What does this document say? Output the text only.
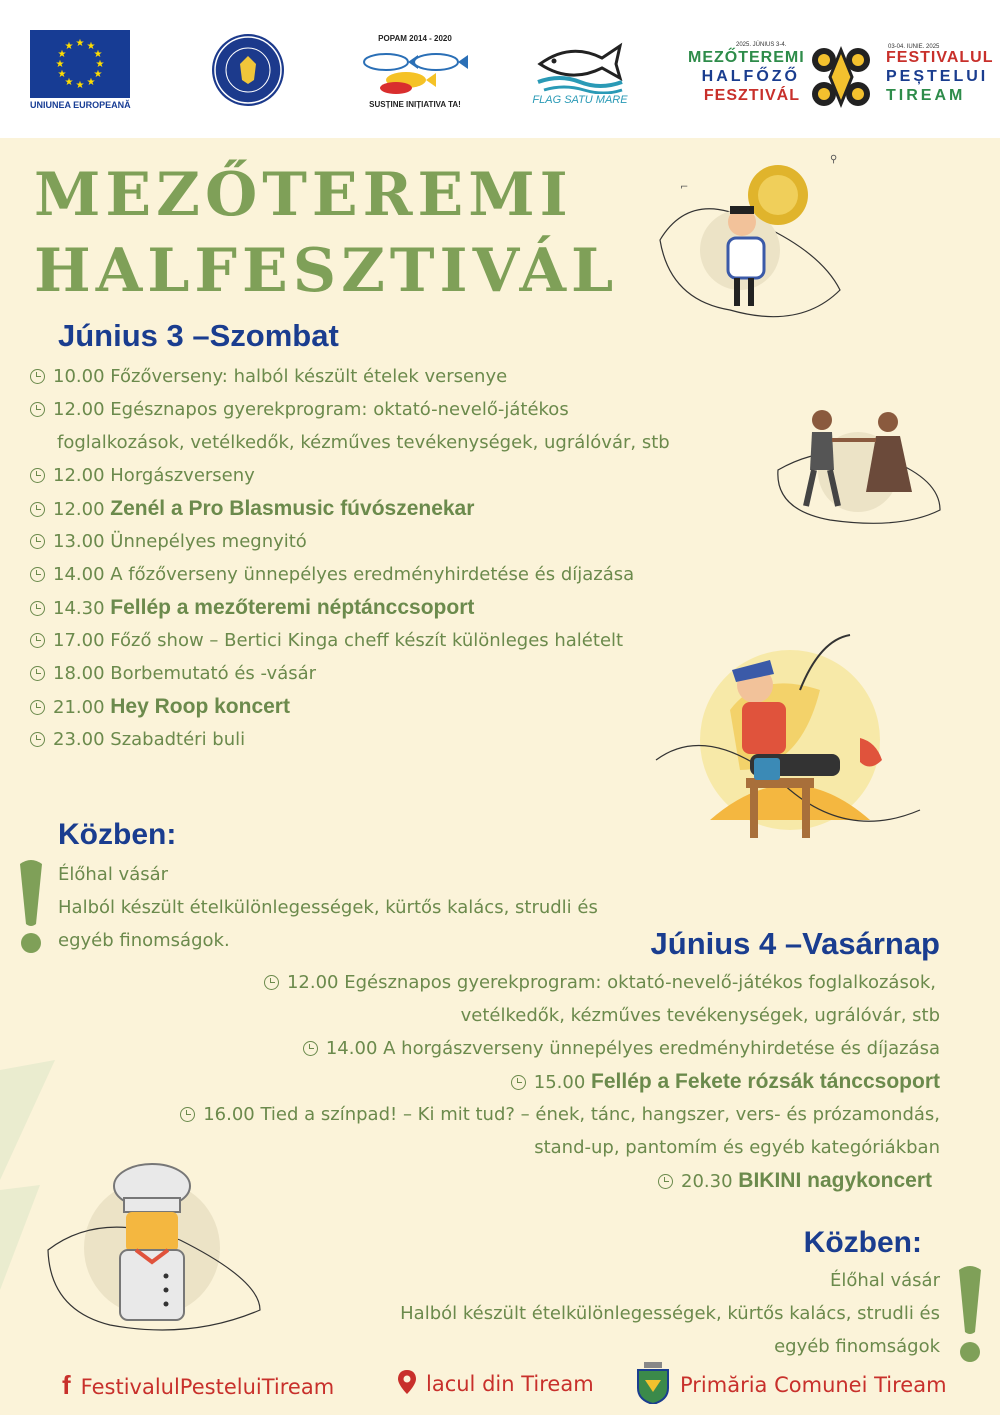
★ ★
★
★
★
★
★
★
★
★
★
★
UNIUNEA EUROPEANĂ
POPAM 2014 - 2020
SUSȚINE INIȚIATIVA TA!	FLAG SATU MARE
2025. JÚNIUS 3-4.	03-04. IUNIE. 2025
MEZŐTEREMI
HALFŐZŐ
FESZTIVÁL
FESTIVALUL
PEȘTELUI
TIREAM
MEZŐTEREMI
HALFESZTIVÁL
Június 3 –Szombat
10.00 Főzőverseny: halból készült ételek versenye
12.00 Egésznapos gyerekprogram: oktató-nevelő-játékos
foglalkozások, vetélkedők, kézműves tevékenységek, ugrálóvár, stb
12.00 Horgászverseny
12.00 Zenél a Pro Blasmusic fúvószenekar
13.00 Ünnepélyes megnyitó
14.00 A főzőverseny ünnepélyes eredményhirdetése és díjazása
14.30 Fellép a mezőteremi néptánccsoport
17.00 Főző show – Bertici Kinga cheff készít különleges halételt
18.00 Borbemutató és -vásár
21.00 Hey Roop koncert
23.00 Szabadtéri buli
Közben:
Élőhal vásár
Halból készült ételkülönlegességek, kürtős kalács, strudli és
egyéb finomságok.	Június 4 –Vasárnap
12.00 Egésznapos gyerekprogram: oktató-nevelő-játékos foglalkozások,
vetélkedők, kézműves tevékenységek, ugrálóvár, stb
14.00 A horgászverseny ünnepélyes eredményhirdetése és díjazása
15.00 Fellép a Fekete rózsák tánccsoport
16.00 Tied a színpad! – Ki mit tud? – ének, tánc, hangszer, vers- és prózamondás,
stand-up, pantomím és egyéb kategóriákban
20.30 BIKINI nagykoncert
Közben:
Élőhal vásár
Halból készült ételkülönlegességek, kürtős kalács, strudli és
egyéb finomságok
⚲
⌐
f FestivalulPesteluiTiream	lacul din Tiream	Primăria Comunei Tiream
